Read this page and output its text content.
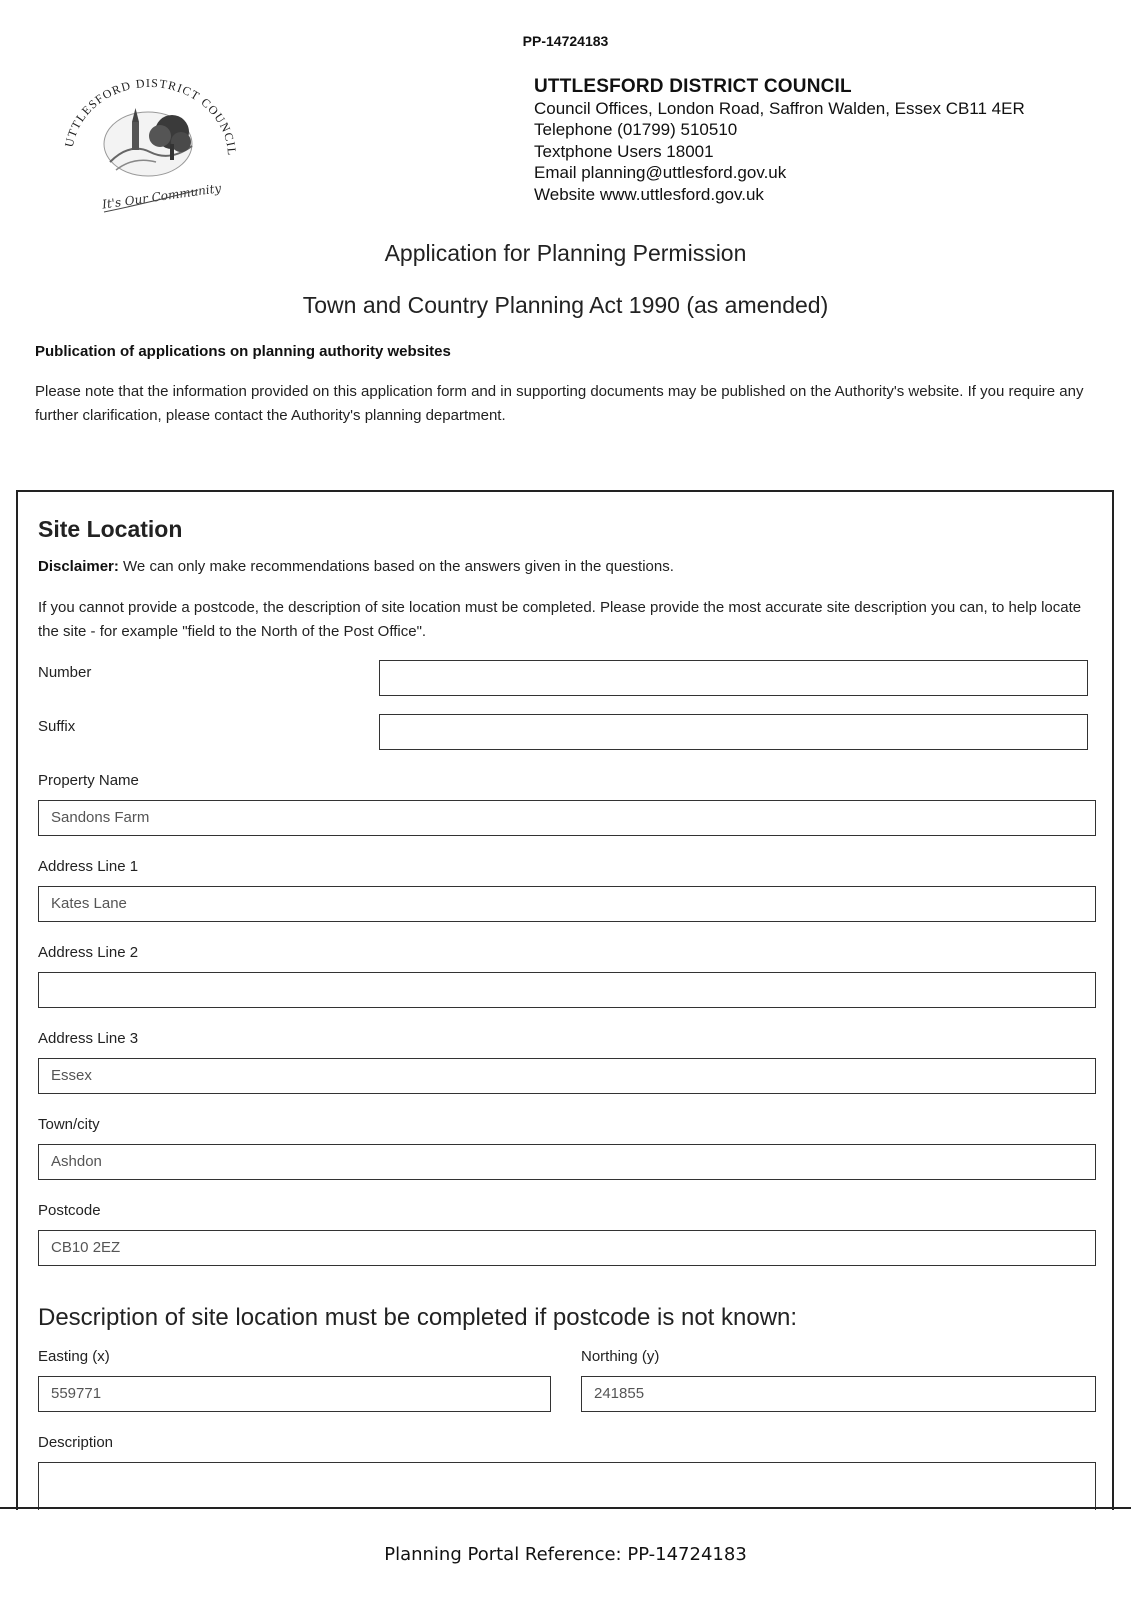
PP-14724183
UTTLESFORD DISTRICT COUNCIL
It's Our Community
UTTLESFORD DISTRICT COUNCIL
Council Offices, London Road, Saffron Walden, Essex CB11 4ER
Telephone (01799) 510510
Textphone Users 18001
Email planning@uttlesford.gov.uk
Website www.uttlesford.gov.uk
Application for Planning Permission
Town and Country Planning Act 1990 (as amended)
Publication of applications on planning authority websites
Please note that the information provided on this application form and in supporting documents may be published on the Authority's website. If you require any further clarification, please contact the Authority's planning department.
Site Location
Disclaimer: We can only make recommendations based on the answers given in the questions.
If you cannot provide a postcode, the description of site location must be completed. Please provide the most accurate site description you can, to help locate the site - for example "field to the North of the Post Office".
Number
Suffix
Property Name
Sandons Farm
Address Line 1
Kates Lane
Address Line 2
Address Line 3
Essex
Town/city
Ashdon
Postcode
CB10 2EZ
Description of site location must be completed if postcode is not known:
Easting (x)
559771
Northing (y)
241855
Description
Planning Portal Reference: PP-14724183
